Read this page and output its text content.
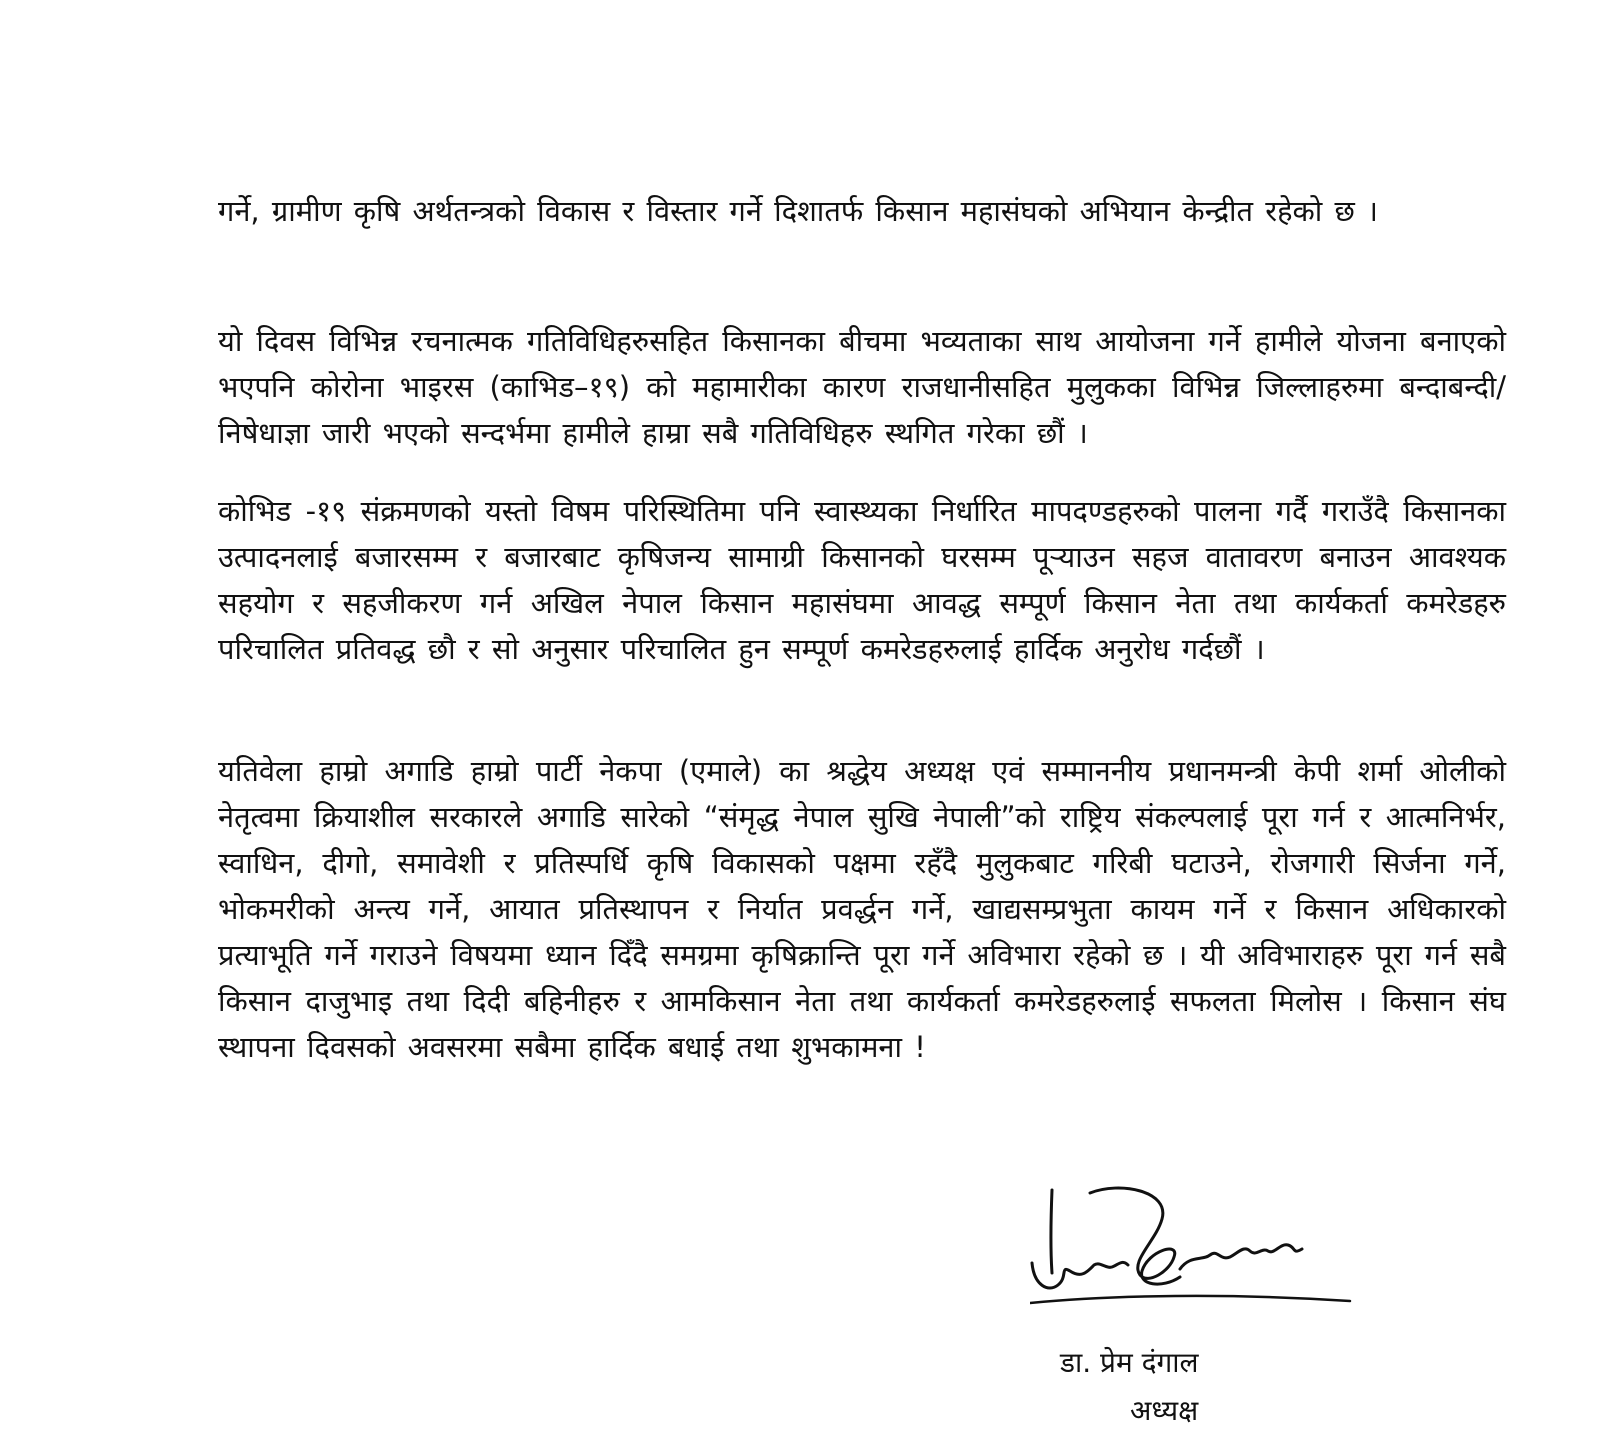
गर्ने, ग्रामीण कृषि अर्थतन्त्रको विकास र विस्तार गर्ने दिशातर्फ किसान महासंघको अभियान केन्द्रीत रहेको छ ।
यो दिवस विभिन्न रचनात्मक गतिविधिहरुसहित किसानका बीचमा भव्यताका साथ आयोजना गर्ने हामीले योजना बनाएको भएपनि कोरोना भाइरस (काभिड–१९) को महामारीका कारण राजधानीसहित मुलुकका विभिन्न जिल्लाहरुमा बन्दाबन्दी/निषेधाज्ञा जारी भएको सन्दर्भमा हामीले हाम्रा सबै गतिविधिहरु स्थगित गरेका छौं ।
कोभिड -१९ संक्रमणको यस्तो विषम परिस्थितिमा पनि स्वास्थ्यका निर्धारित मापदण्डहरुको पालना गर्दै गराउँदै किसानका उत्पादनलाई बजारसम्म र बजारबाट कृषिजन्य सामाग्री किसानको घरसम्म पूर्‍याउन सहज वातावरण बनाउन आवश्यक सहयोग र सहजीकरण गर्न अखिल नेपाल किसान महासंघमा आवद्ध सम्पूर्ण किसान नेता तथा कार्यकर्ता कमरेडहरु परिचालित प्रतिवद्ध छौ र सो अनुसार परिचालित हुन सम्पूर्ण कमरेडहरुलाई हार्दिक अनुरोध गर्दछौं ।
यतिवेला हाम्रो अगाडि हाम्रो पार्टी नेकपा (एमाले) का श्रद्धेय अध्यक्ष एवं सम्माननीय प्रधानमन्त्री केपी शर्मा ओलीको नेतृत्वमा क्रियाशील सरकारले अगाडि सारेको “संमृद्ध नेपाल सुखि नेपाली”को राष्ट्रिय संकल्पलाई पूरा गर्न र आत्मनिर्भर, स्वाधिन, दीगो, समावेशी र प्रतिस्पर्धि कृषि विकासको पक्षमा रहँदै मुलुकबाट गरिबी घटाउने, रोजगारी सिर्जना गर्ने, भोकमरीको अन्त्य गर्ने, आयात प्रतिस्थापन र निर्यात प्रवर्द्धन गर्ने, खाद्यसम्प्रभुता कायम गर्ने र किसान अधिकारको प्रत्याभूति गर्ने गराउने विषयमा ध्यान दिँदै समग्रमा कृषिक्रान्ति पूरा गर्ने अविभारा रहेको छ । यी अविभाराहरु पूरा गर्न सबै किसान दाजुभाइ तथा दिदी बहिनीहरु र आमकिसान नेता तथा कार्यकर्ता कमरेडहरुलाई सफलता मिलोस । किसान संघ स्थापना दिवसको अवसरमा सबैमा हार्दिक बधाई तथा शुभकामना !
डा. प्रेम दंगाल
अध्यक्ष
